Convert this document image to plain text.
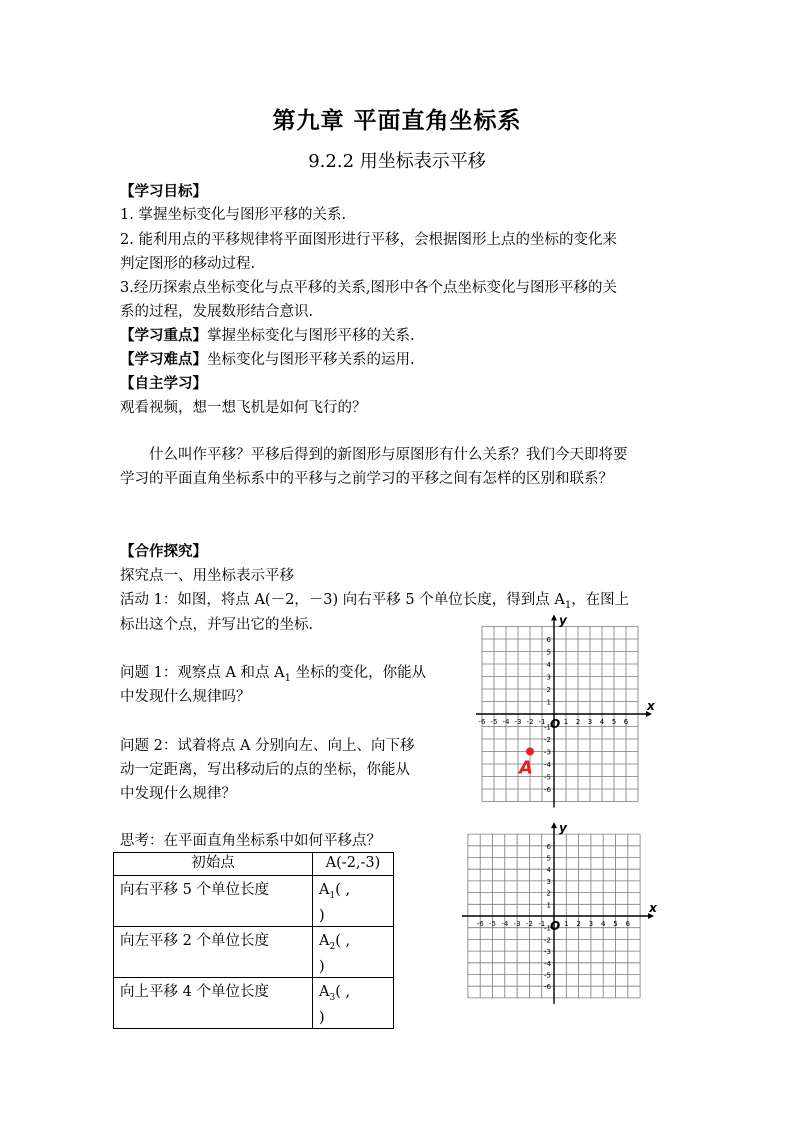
第九章 平面直角坐标系
9.2.2 用坐标表示平移
【学习目标】
1. 掌握坐标变化与图形平移的关系.
2. 能利用点的平移规律将平面图形进行平移，会根据图形上点的坐标的变化来
判定图形的移动过程.
3.经历探索点坐标变化与点平移的关系,图形中各个点坐标变化与图形平移的关
系的过程，发展数形结合意识.
【学习重点】掌握坐标变化与图形平移的关系.
【学习难点】坐标变化与图形平移关系的运用.
【自主学习】
观看视频，想一想飞机是如何飞行的？
什么叫作平移？平移后得到的新图形与原图形有什么关系？我们今天即将要
学习的平面直角坐标系中的平移与之前学习的平移之间有怎样的区别和联系？
【合作探究】
探究点一、用坐标表示平移
活动 1：如图，将点 A(－2，－3) 向右平移 5 个单位长度，得到点 $A_1$，在图上
标出这个点，并写出它的坐标.
问题 1：观察点 A 和点 $A_1$ 坐标的变化，你能从
中发现什么规律吗？
问题 2：试着将点 A 分别向左、向上、向下移
动一定距离，写出移动后的点的坐标，你能从
中发现什么规律？
思考：在平面直角坐标系中如何平移点？
初始点	A(-2,-3)
向右平移 5 个单位长度	$A_1$( ,
)
向左平移 2 个单位长度	$A_2$( ,
)
向上平移 4 个单位长度	$A_3$( ,
)
x
y
O
-6 -5 -4 -3 -2 -1	1 2 3 4 5 6
6
5
4
3
2
1
-1
-2
-3
-4
-5
-6
A
x
y
O
-6 -5 -4 -3 -2 -1	1 2 3 4 5 6
6
5
4
3
2
1
-1
-2
-3
-4
-5
-6
